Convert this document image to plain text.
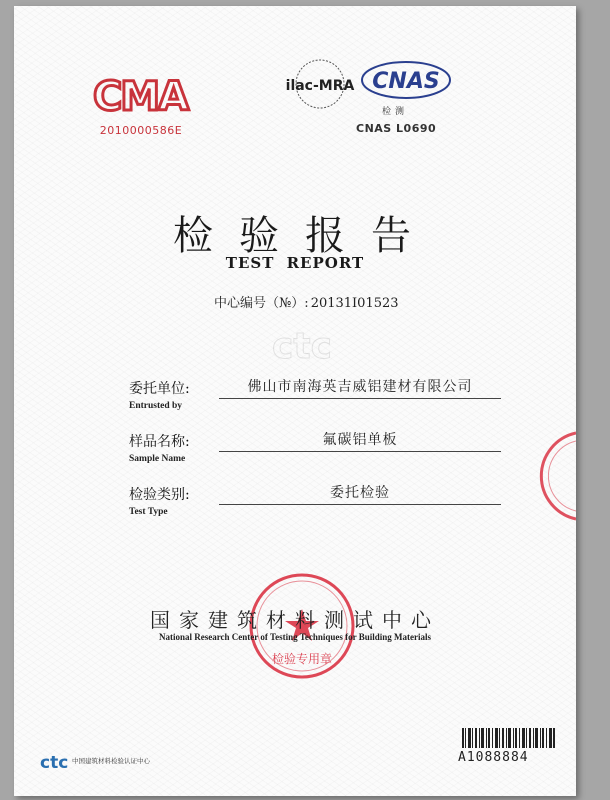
CMA
2010000586E
ilac-MRA CNAS
检测
CNAS L0690
检验报告
TEST REPORT
中心编号（№）: 20131I01523
ctc
委托单位:
Entrusted by
佛山市南海英吉威铝建材有限公司
样品名称:
Sample Name
氟碳铝单板
检验类别:
Test Type
委托检验
检验专用章
国家建筑材料测试中心
National Research Center of Testing Techniques for Building Materials
ctc 中国建筑材料检验认证中心	A1088884
